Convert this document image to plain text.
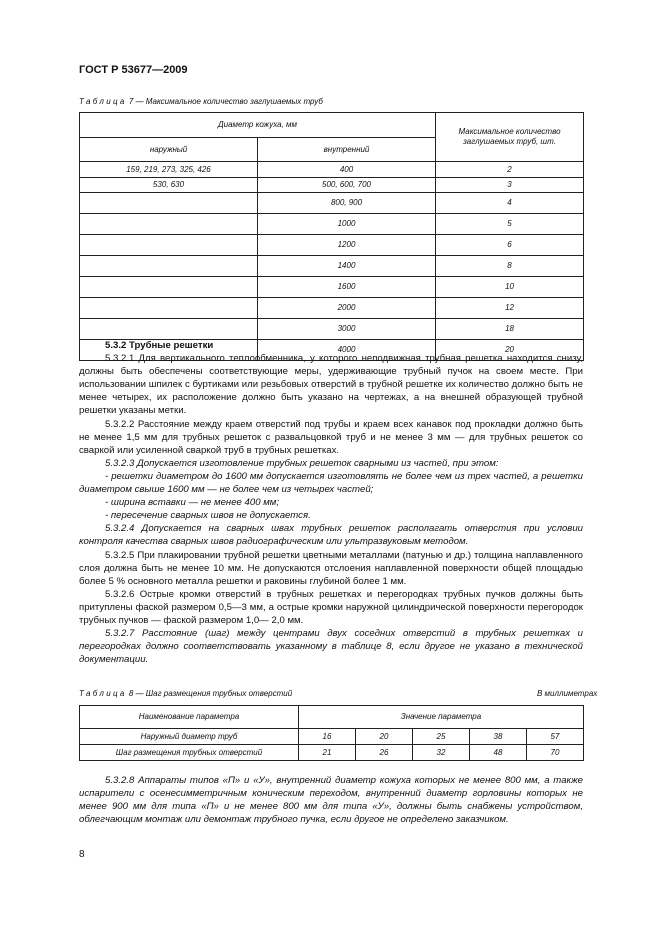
ГОСТ Р 53677—2009
Таблица 7 — Максимальное количество заглушаемых труб
Диаметр кожуха, мм		Максимальное количество заглушаемых труб, шт.
наружный	внутренний	
159, 219, 273, 325, 426	400	2
530, 630	500, 600, 700	3
	800, 900	4
	1000	5
	1200	6
	1400	8
	1600	10
	2000	12
	3000	18
	4000	20

5.3.2 Трубные решетки

5.3.2.1 Для вертикального теплообменника, у которого неподвижная трубная решетка находится снизу, должны быть обеспечены соответствующие меры, удерживающие трубный пучок на своем месте. При использовании шпилек с буртиками или резьбовых отверстий в трубной решетке их количество должно быть не менее четырех, их расположение должно быть указано на чертежах, а на внешней образующей трубной решетки указаны метки.

5.3.2.2 Расстояние между краем отверстий под трубы и краем всех канавок под прокладки должно быть не менее 1,5 мм для трубных решеток с развальцовкой труб и не менее 3 мм — для трубных решеток со сваркой или усиленной сваркой труб в трубных решетках.

5.3.2.3 Допускается изготовление трубных решеток сварными из частей, при этом:

- решетки диаметром до 1600 мм допускается изготовлять не более чем из трех частей, а решетки диаметром свыше 1600 мм — не более чем из четырех частей;

- ширина вставки — не менее 400 мм;

- пересечение сварных швов не допускается.

5.3.2.4 Допускается на сварных швах трубных решеток располагать отверстия при условии контроля качества сварных швов радиографическим или ультразвуковым методом.

5.3.2.5 При плакировании трубной решетки цветными металлами (патунью и др.) толщина наплавленного слоя должна быть не менее 10 мм. Не допускаются отслоения наплавленной поверхности общей площадью более 5 % основного металла решетки и раковины глубиной более 1 мм.

5.3.2.6 Острые кромки отверстий в трубных решетках и перегородках трубных пучков должны быть притуплены фаской размером 0,5—3 мм, а острые кромки наружной цилиндрической поверхности перегородок трубных пучков — фаской размером 1,0— 2,0 мм.

5.3.2.7 Расстояние (шаг) между центрами двух соседних отверстий в трубных решетках и перегородках должно соответствовать указанному в таблице 8, если другое не указано в технической документации.

Таблица 8 — Шаг размещения трубных отверстий	В миллиметрах
Наименование параметра	Значение параметра				
Наружный диаметр труб	16	20	25	38	57
Шаг размещения трубных отверстий	21	26	32	48	70

5.3.2.8 Аппараты типов «П» и «У», внутренний диаметр кожуха которых не менее 800 мм, а также испарители с осенесимметричным коническим переходом, внутренний диаметр горловины которых не менее 900 мм для типа «П» и не менее 800 мм для типа «У», должны быть снабжены устройством, облегчающим монтаж или демонтаж трубного пучка, если другое не определено заказчиком.

8
